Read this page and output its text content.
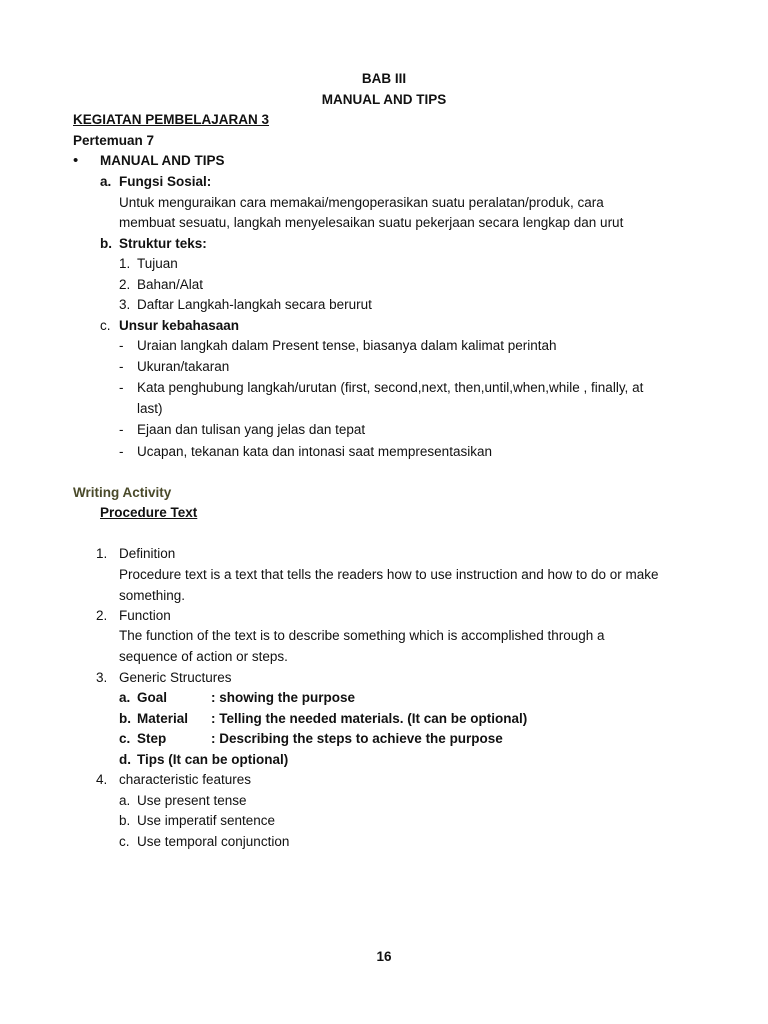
BAB III
MANUAL AND TIPS
KEGIATAN PEMBELAJARAN 3
Pertemuan 7
• MANUAL AND TIPS
a. Fungsi Sosial:
Untuk menguraikan cara memakai/mengoperasikan suatu peralatan/produk, cara
membuat sesuatu, langkah menyelesaikan suatu pekerjaan secara lengkap dan urut
b. Struktur teks:
1. Tujuan
2. Bahan/Alat
3. Daftar Langkah-langkah secara berurut
c. Unsur kebahasaan
- Uraian langkah dalam Present tense, biasanya dalam kalimat perintah
- Ukuran/takaran
- Kata penghubung langkah/urutan (first, second,next, then,until,when,while , finally, at
last)
- Ejaan dan tulisan yang jelas dan tepat
- Ucapan, tekanan kata dan intonasi saat mempresentasikan
Writing Activity
Procedure Text
1. Definition
Procedure text is a text that tells the readers how to use instruction and how to do or make
something.
2. Function
The function of the text is to describe something which is accomplished through a
sequence of action or steps.
3. Generic Structures
a. Goal	: showing the purpose
b. Material : Telling the needed materials. (It can be optional)
c. Step	: Describing the steps to achieve the purpose
d. Tips (It can be optional)
4. characteristic features
a. Use present tense
b. Use imperatif sentence
c. Use temporal conjunction
16
